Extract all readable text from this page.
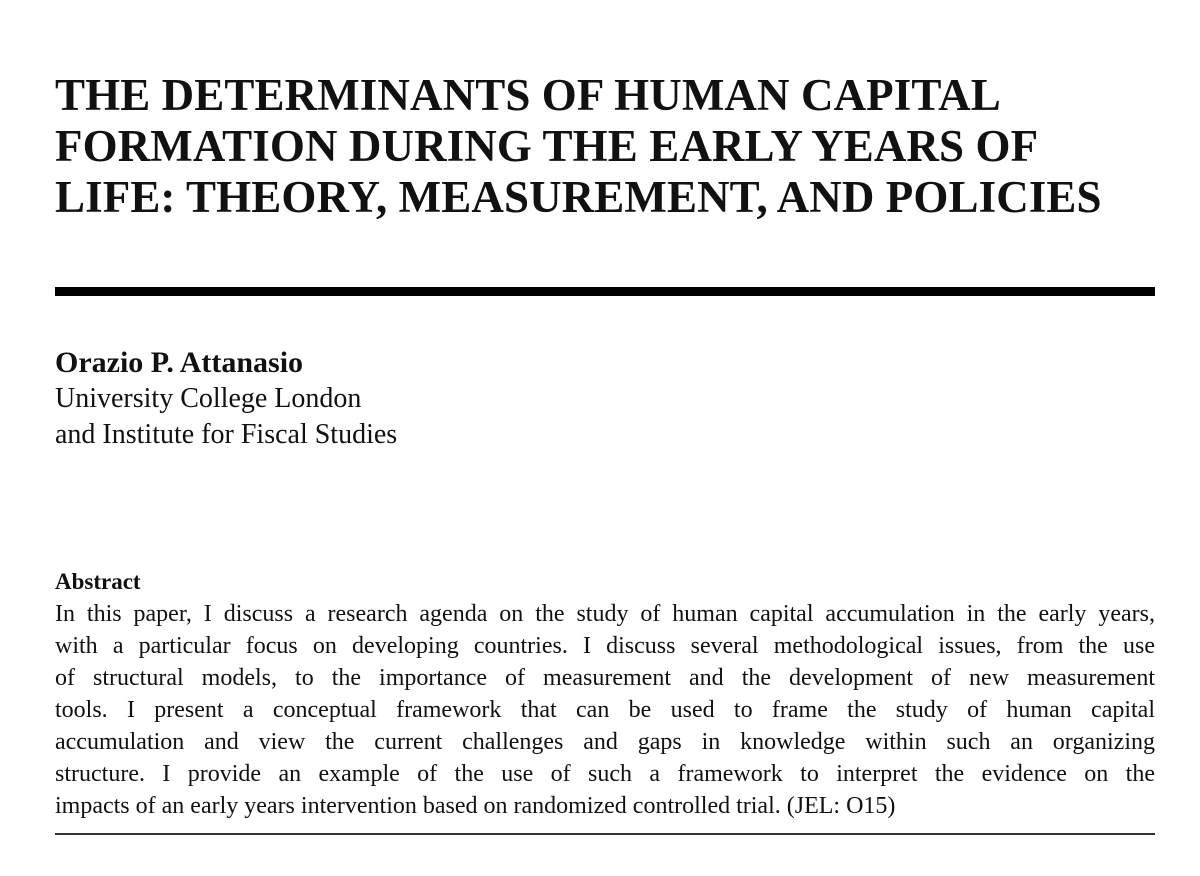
THE DETERMINANTS OF HUMAN CAPITAL
FORMATION DURING THE EARLY YEARS OF
LIFE: THEORY, MEASUREMENT, AND POLICIES

Orazio P. Attanasio

University College London

and Institute for Fiscal Studies

Abstract

In this paper, I discuss a research agenda on the study of human capital accumulation in the early years,
with a particular focus on developing countries. I discuss several methodological issues, from the use
of structural models, to the importance of measurement and the development of new measurement
tools. I present a conceptual framework that can be used to frame the study of human capital
accumulation and view the current challenges and gaps in knowledge within such an organizing
structure. I provide an example of the use of such a framework to interpret the evidence on the
impacts of an early years intervention based on randomized controlled trial. (JEL: O15)
